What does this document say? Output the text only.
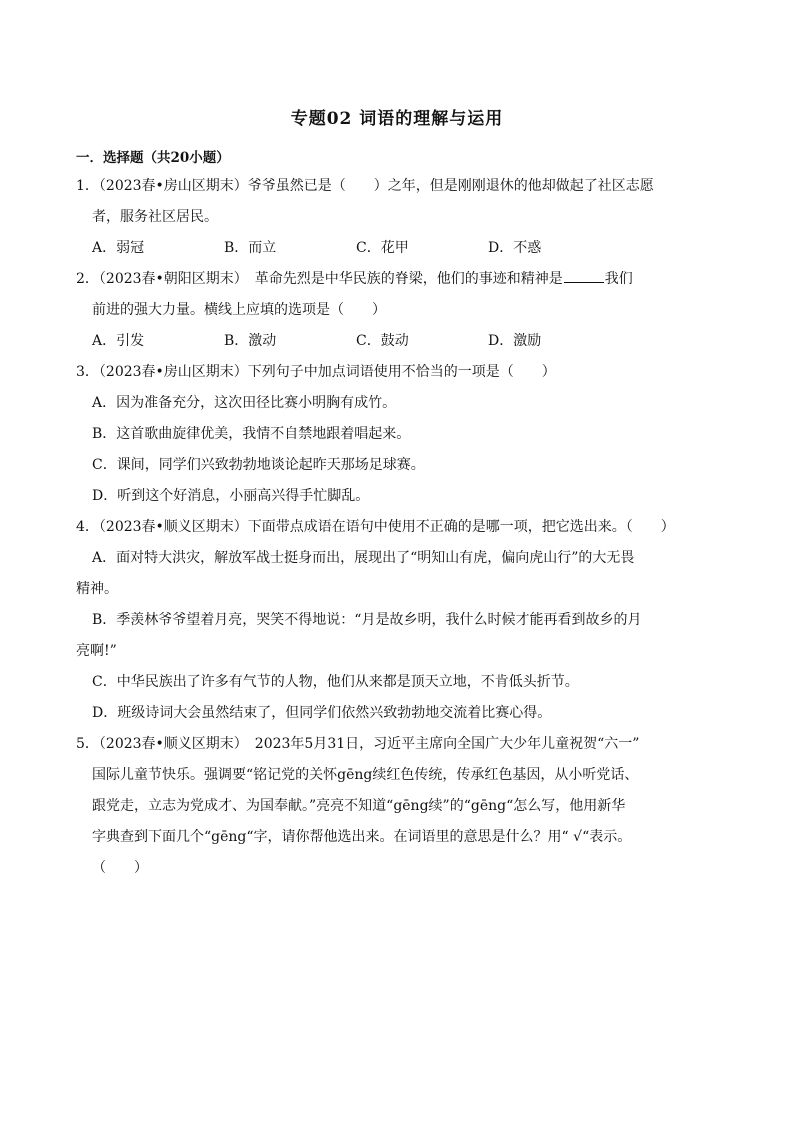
专题02 词语的理解与运用
一．选择题（共20小题）
1．（2023春•房山区期末）爷爷虽然已是（　　）之年，但是刚刚退休的他却做起了社区志愿
者，服务社区居民。
A．弱冠	B．而立	C．花甲	D．不惑
2．（2023春•朝阳区期末）　革命先烈是中华民族的脊梁，他们的事迹和精神是	我们
前进的强大力量。横线上应填的选项是（　　）
A．引发	B．激动	C．鼓动	D．激励
3．（2023春•房山区期末）下列句子中加点词语使用不恰当的一项是（　　）
A．因为准备充分，这次田径比赛小明胸有成竹。
B．这首歌曲旋律优美，我情不自禁地跟着唱起来。
C．课间，同学们兴致勃勃地谈论起昨天那场足球赛。
D．听到这个好消息，小丽高兴得手忙脚乱。
4．（2023春•顺义区期末）下面带点成语在语句中使用不正确的是哪一项，把它选出来。（　　）
A．面对特大洪灾，解放军战士挺身而出，展现出了“明知山有虎，偏向虎山行”的大无畏
精神。
B．季羡林爷爷望着月亮，哭笑不得地说：“月是故乡明，我什么时候才能再看到故乡的月
亮啊!”
C．中华民族出了许多有气节的人物，他们从来都是顶天立地，不肯低头折节。
D．班级诗词大会虽然结束了，但同学们依然兴致勃勃地交流着比赛心得。
5．（2023春•顺义区期末）　2023年5月31日，习近平主席向全国广大少年儿童祝贺“六一”
国际儿童节快乐。强调要“铭记党的关怀gēng续红色传统，传承红色基因，从小听党话、
跟党走，立志为党成才、为国奉献。”亮亮不知道“gēng续”的“gēng“怎么写，他用新华
字典查到下面几个“gēng“字，请你帮他选出来。在词语里的意思是什么？用“ √“表示。
（　　）
